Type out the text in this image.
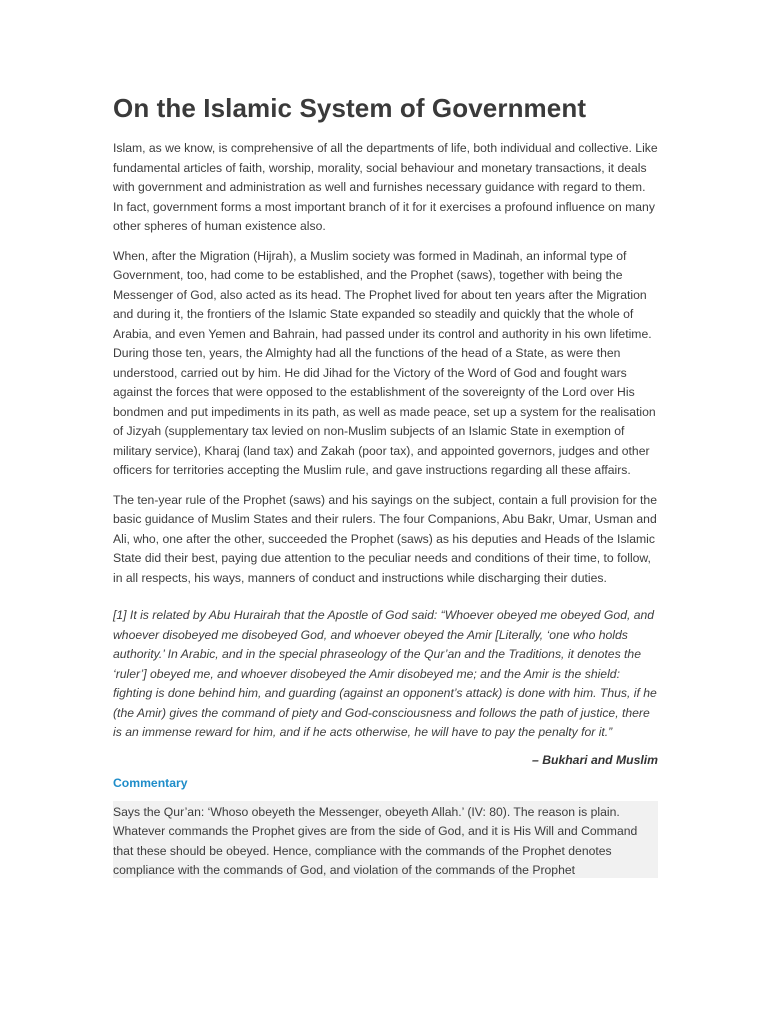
On the Islamic System of Government

Islam, as we know, is comprehensive of all the departments of life, both individual and collective. Like fundamental articles of faith, worship, morality, social behaviour and monetary transactions, it deals with government and administration as well and furnishes necessary guidance with regard to them. In fact, government forms a most important branch of it for it exercises a profound influence on many other spheres of human existence also.

When, after the Migration (Hijrah), a Muslim society was formed in Madinah, an informal type of Government, too, had come to be established, and the Prophet (saws), together with being the Messenger of God, also acted as its head. The Prophet lived for about ten years after the Migration and during it, the frontiers of the Islamic State expanded so steadily and quickly that the whole of Arabia, and even Yemen and Bahrain, had passed under its control and authority in his own lifetime. During those ten, years, the Almighty had all the functions of the head of a State, as were then understood, carried out by him. He did Jihad for the Victory of the Word of God and fought wars against the forces that were opposed to the establishment of the sovereignty of the Lord over His bondmen and put impediments in its path, as well as made peace, set up a system for the realisation of Jizyah (supplementary tax levied on non-Muslim subjects of an Islamic State in exemption of military service), Kharaj (land tax) and Zakah (poor tax), and appointed governors, judges and other officers for territories accepting the Muslim rule, and gave instructions regarding all these affairs.

The ten-year rule of the Prophet (saws) and his sayings on the subject, contain a full provision for the basic guidance of Muslim States and their rulers. The four Companions, Abu Bakr, Umar, Usman and Ali, who, one after the other, succeeded the Prophet (saws) as his deputies and Heads of the Islamic State did their best, paying due attention to the peculiar needs and conditions of their time, to follow, in all respects, his ways, manners of conduct and instructions while discharging their duties.

[1] It is related by Abu Hurairah that the Apostle of God said: “Whoever obeyed me obeyed God, and whoever disobeyed me disobeyed God, and whoever obeyed the Amir [Literally, ‘one who holds authority.’ In Arabic, and in the special phraseology of the Qur’an and the Traditions, it denotes the ‘ruler’] obeyed me, and whoever disobeyed the Amir disobeyed me; and the Amir is the shield: fighting is done behind him, and guarding (against an opponent’s attack) is done with him. Thus, if he (the Amir) gives the command of piety and God-consciousness and follows the path of justice, there is an immense reward for him, and if he acts otherwise, he will have to pay the penalty for it.”

– Bukhari and Muslim

Commentary

Says the Qur’an: ‘Whoso obeyeth the Messenger, obeyeth Allah.’ (IV: 80). The reason is plain. Whatever commands the Prophet gives are from the side of God, and it is His Will and Command that these should be obeyed. Hence, compliance with the commands of the Prophet denotes compliance with the commands of God, and violation of the commands of the Prophet
